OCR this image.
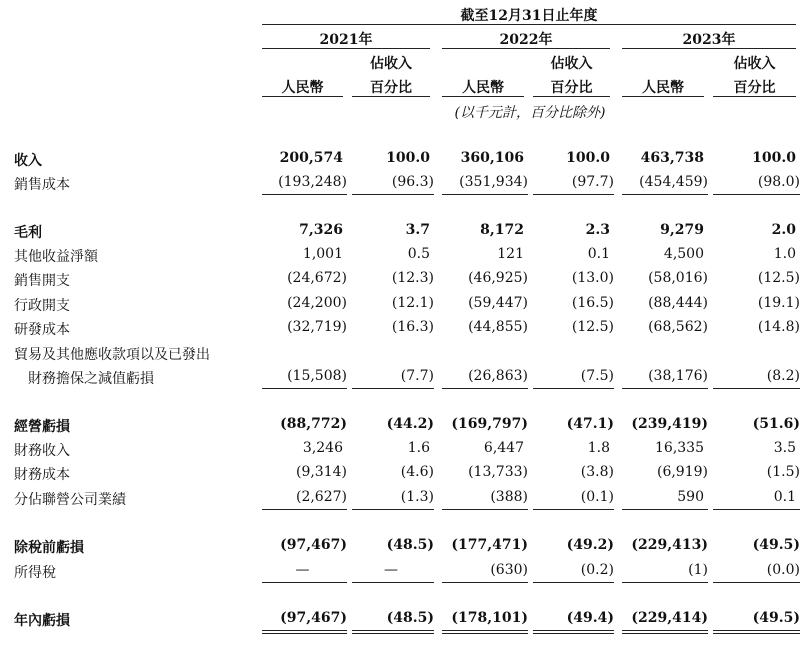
截至12月31日止年度
2021年	2022年	2023年
佔收入	佔收入	佔收入
人民幣	百分比	人民幣	百分比	人民幣	百分比
(以千元計，百分比除外)
收入	200,574	100.0	360,106	100.0	463,738	100.0
銷售成本	(193,248)	(96.3)	(351,934)	(97.7)	(454,459)	(98.0)
毛利	7,326	3.7	8,172	2.3	9,279	2.0
其他收益淨額	1,001	0.5	121	0.1	4,500	1.0
銷售開支	(24,672)	(12.3)	(46,925)	(13.0)	(58,016)	(12.5)
行政開支	(24,200)	(12.1)	(59,447)	(16.5)	(88,444)	(19.1)
研發成本	(32,719)	(16.3)	(44,855)	(12.5)	(68,562)	(14.8)
貿易及其他應收款項以及已發出
財務擔保之減值虧損	(15,508)	(7.7)	(26,863)	(7.5)	(38,176)	(8.2)
經營虧損	(88,772)	(44.2)	(169,797)	(47.1)	(239,419)	(51.6)
財務收入	3,246	1.6	6,447	1.8	16,335	3.5
財務成本	(9,314)	(4.6)	(13,733)	(3.8)	(6,919)	(1.5)
分佔聯營公司業績	(2,627)	(1.3)	(388)	(0.1)	590	0.1
除稅前虧損	(97,467)	(48.5)	(177,471)	(49.2)	(229,413)	(49.5)
所得稅	—	—	(630)	(0.2)	(1)	(0.0)
年內虧損	(97,467)	(48.5)	(178,101)	(49.4)	(229,414)	(49.5)
